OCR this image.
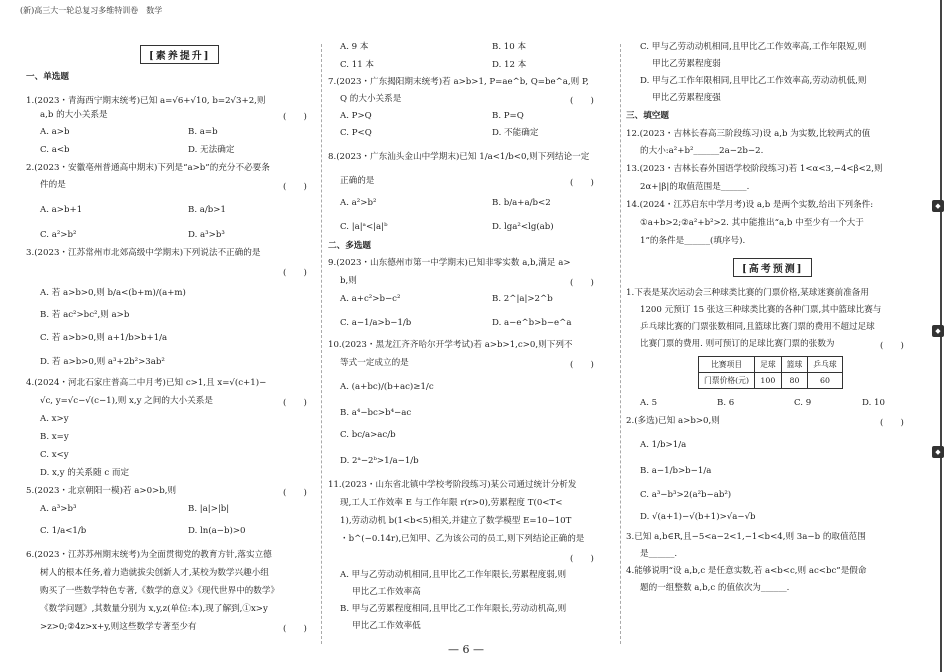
(新)高三大一轮总复习多维特训卷　数学
◆
◆
◆
[素养提升]
一、单选题
1.(2023・青海西宁期末统考)已知 a=√6+√10, b=2√3+2,则
a,b 的大小关系是	(　　)
A. a>b	B. a=b
C. a<b	D. 无法确定
2.(2023・安徽亳州普通高中期末)下列是“a>b”的充分不必要条
件的是	(　　)
A. a>b+1	B. a/b>1
C. a²>b²	D. a³>b³
3.(2023・江苏常州市北郊高级中学期末)下列说法不正确的是
(　　)
A. 若 a>b>0,则 b/a<(b+m)/(a+m)
B. 若 ac²>bc²,则 a>b
C. 若 a>b>0,则 a+1/b>b+1/a
D. 若 a>b>0,则 a³+2b²>3ab²
4.(2024・河北石家庄普高二中月考)已知 c>1,且 x=√(c+1)−
√c, y=√c−√(c−1),则 x,y 之间的大小关系是	(　　)
A. x>y
B. x=y
C. x<y
D. x,y 的关系随 c 而定
5.(2023・北京朝阳一模)若 a>0>b,则	(　　)
A. a³>b³	B. |a|>|b|
C. 1/a<1/b	D. ln(a−b)>0
6.(2023・江苏苏州期末统考)为全面贯彻党的教育方针,落实立德
树人的根本任务,着力造就拔尖创新人才,某校为数学兴趣小组
购买了一些数学特色专著,《数学的意义》《现代世界中的数学》
《数学问题》,其数量分别为 x,y,z(单位:本),现了解到,①x>y
>z>0;②4z>x+y,则这些数学专著至少有	(　　)
A. 9 本	B. 10 本
C. 11 本	D. 12 本
7.(2023・广东揭阳期末统考)若 a>b>1, P=ae^b, Q=be^a,则 P,
Q 的大小关系是	(　　)
A. P>Q	B. P=Q
C. P<Q	D. 不能确定
8.(2023・广东汕头金山中学期末)已知 1/a<1/b<0,则下列结论一定
正确的是	(　　)
A. a²>b²	B. b/a+a/b<2
C. |a|ᵃ<|a|ᵇ	D. lga²<lg(ab)
二、多选题
9.(2023・山东德州市第一中学期末)已知非零实数 a,b,满足 a>
b,则	(　　)
A. a+c²>b−c²	B. 2^|a|>2^b
C. a−1/a>b−1/b	D. a−e^b>b−e^a
10.(2023・黑龙江齐齐哈尔开学考试)若 a>b>1,c>0,则下列不
等式一定成立的是	(　　)
A. (a+bc)/(b+ac)≥1/c
B. a⁴−bc>b⁴−ac
C. bc/a>ac/b
D. 2ᵃ−2ᵇ>1/a−1/b
11.(2023・山东省北镇中学校考阶段练习)某公司通过统计分析发
现,工人工作效率 E 与工作年限 r(r>0),劳累程度 T(0<T<
1),劳动动机 b(1<b<5)相关,并建立了数学模型 E=10−10T
・b^(−0.14r),已知甲、乙为该公司的员工,则下列结论正确的是
(　　)
A. 甲与乙劳动动机相同,且甲比乙工作年限长,劳累程度弱,则
甲比乙工作效率高
B. 甲与乙劳累程度相同,且甲比乙工作年限长,劳动动机高,则
甲比乙工作效率低
C. 甲与乙劳动动机相同,且甲比乙工作效率高,工作年限短,则
甲比乙劳累程度弱
D. 甲与乙工作年限相同,且甲比乙工作效率高,劳动动机低,则
甲比乙劳累程度强
三、填空题
12.(2023・吉林长春高三阶段练习)设 a,b 为实数,比较两式的值
的大小:a²+b²______2a−2b−2.
13.(2023・吉林长春外国语学校阶段练习)若 1<α<3,−4<β<2,则
2α+|β|的取值范围是______.
14.(2024・江苏启东中学月考)设 a,b 是两个实数,给出下列条件:
①a+b>2;②a²+b²>2. 其中能推出“a,b 中至少有一个大于
1”的条件是______(填序号).
[高考预测]
1.下表是某次运动会三种球类比赛的门票价格,某球迷赛前准备用
1200 元预订 15 张这三种球类比赛的各种门票,其中篮球比赛与
乒乓球比赛的门票张数相同,且篮球比赛门票的费用不超过足球
比赛门票的费用. 则可预订的足球比赛门票的张数为	(　　)
比赛项目	足球	篮球	乒乓球
门票价格(元)	100	80	60
A. 5	B. 6	C. 9	D. 10
2.(多选)已知 a>b>0,则	(　　)
A. 1/b>1/a
B. a−1/b>b−1/a
C. a³−b³>2(a²b−ab²)
D. √(a+1)−√(b+1)>√a−√b
3.已知 a,b∈R,且−5<a−2<1,−1<b<4,则 3a−b 的取值范围
是______.
4.能够说明“设 a,b,c 是任意实数,若 a<b<c,则 ac<bc”是假命
题的一组整数 a,b,c 的值依次为______.
— 6 —
